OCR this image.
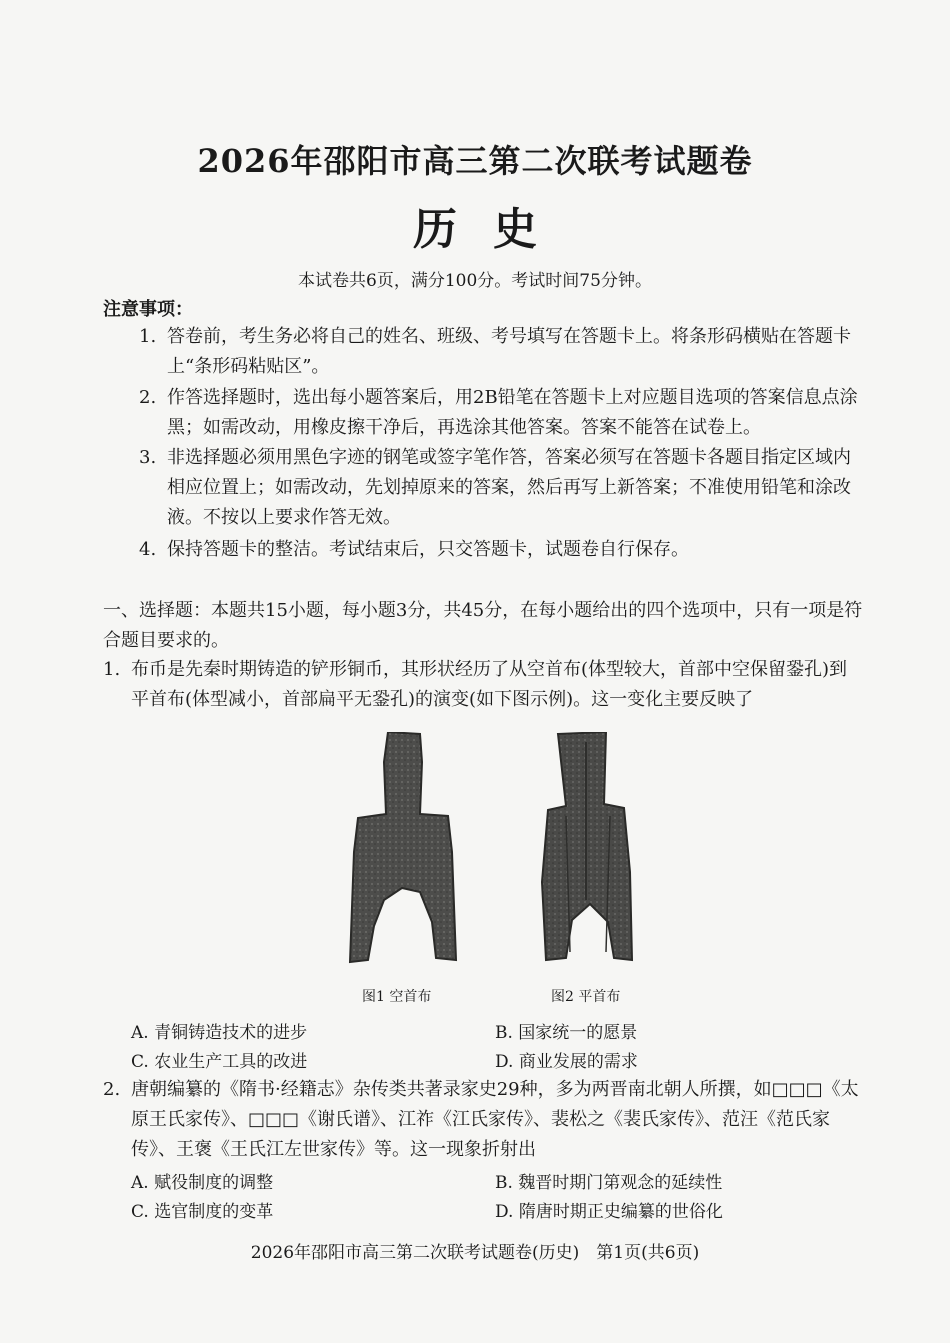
2026年邵阳市高三第二次联考试题卷
历史
本试卷共6页，满分100分。考试时间75分钟。
注意事项：
1. 答卷前，考生务必将自己的姓名、班级、考号填写在答题卡上。将条形码横贴在答题卡上“条形码粘贴区”。
2. 作答选择题时，选出每小题答案后，用2B铅笔在答题卡上对应题目选项的答案信息点涂黑；如需改动，用橡皮擦干净后，再选涂其他答案。答案不能答在试卷上。
3. 非选择题必须用黑色字迹的钢笔或签字笔作答，答案必须写在答题卡各题目指定区域内相应位置上；如需改动，先划掉原来的答案，然后再写上新答案；不准使用铅笔和涂改液。不按以上要求作答无效。
4. 保持答题卡的整洁。考试结束后，只交答题卡，试题卷自行保存。
一、选择题：本题共15小题，每小题3分，共45分，在每小题给出的四个选项中，只有一项是符合题目要求的。
1. 布币是先秦时期铸造的铲形铜币，其形状经历了从空首布(体型较大，首部中空保留銎孔)到平首布(体型减小，首部扁平无銎孔)的演变(如下图示例)。这一变化主要反映了
图1 空首布	图2 平首布
A. 青铜铸造技术的进步	B. 国家统一的愿景
C. 农业生产工具的改进	D. 商业发展的需求
2. 唐朝编纂的《隋书·经籍志》杂传类共著录家史29种，多为两晋南北朝人所撰，如□□□《太原王氏家传》、□□□《谢氏谱》、江祚《江氏家传》、裴松之《裴氏家传》、范汪《范氏家传》、王褒《王氏江左世家传》等。这一现象折射出
A. 赋役制度的调整	B. 魏晋时期门第观念的延续性
C. 选官制度的变革	D. 隋唐时期正史编纂的世俗化
2026年邵阳市高三第二次联考试题卷(历史)　第1页(共6页)
